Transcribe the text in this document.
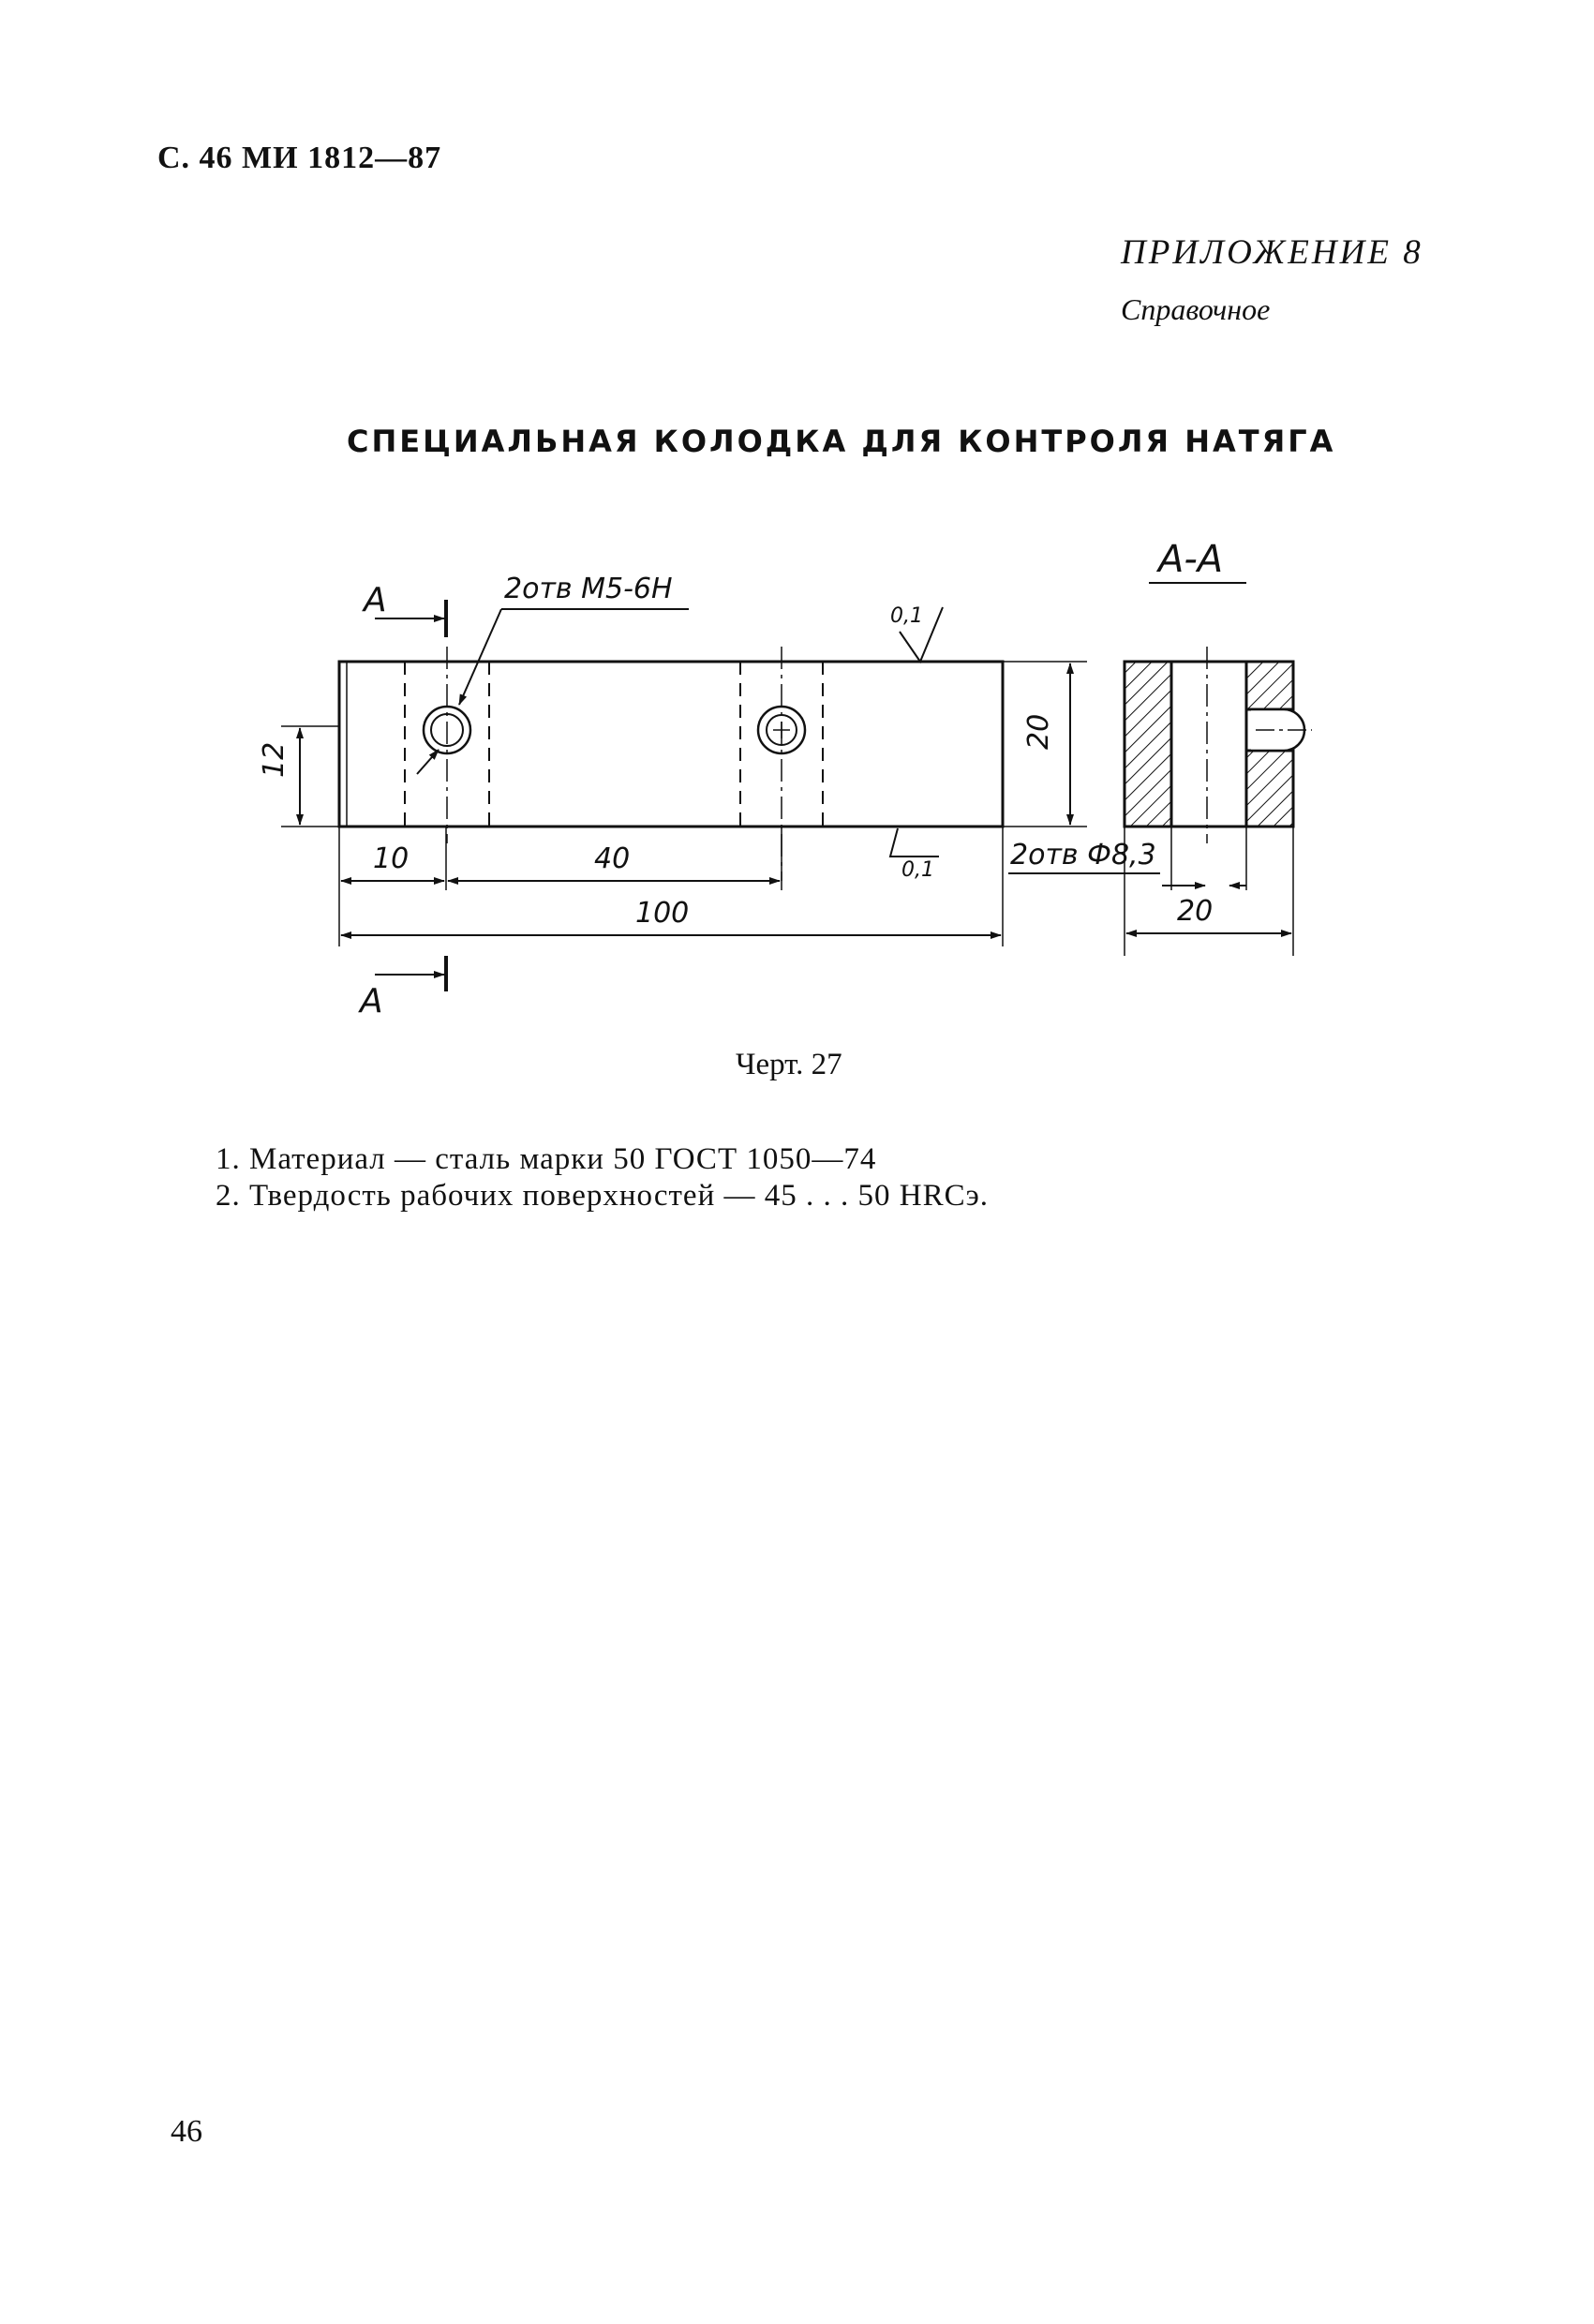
С. 46 МИ 1812—87
ПРИЛОЖЕНИЕ 8
Справочное
СПЕЦИАЛЬНАЯ КОЛОДКА ДЛЯ КОНТРОЛЯ НАТЯГА
А
А
А-А
2отв М5-6Н
0,1
0,1
12
20
10	40
100
2отв Ф8,3
20
Черт. 27
1. Материал — сталь марки 50 ГОСТ 1050—74
2. Твердость рабочих поверхностей — 45 . . . 50 HRCэ.
46
